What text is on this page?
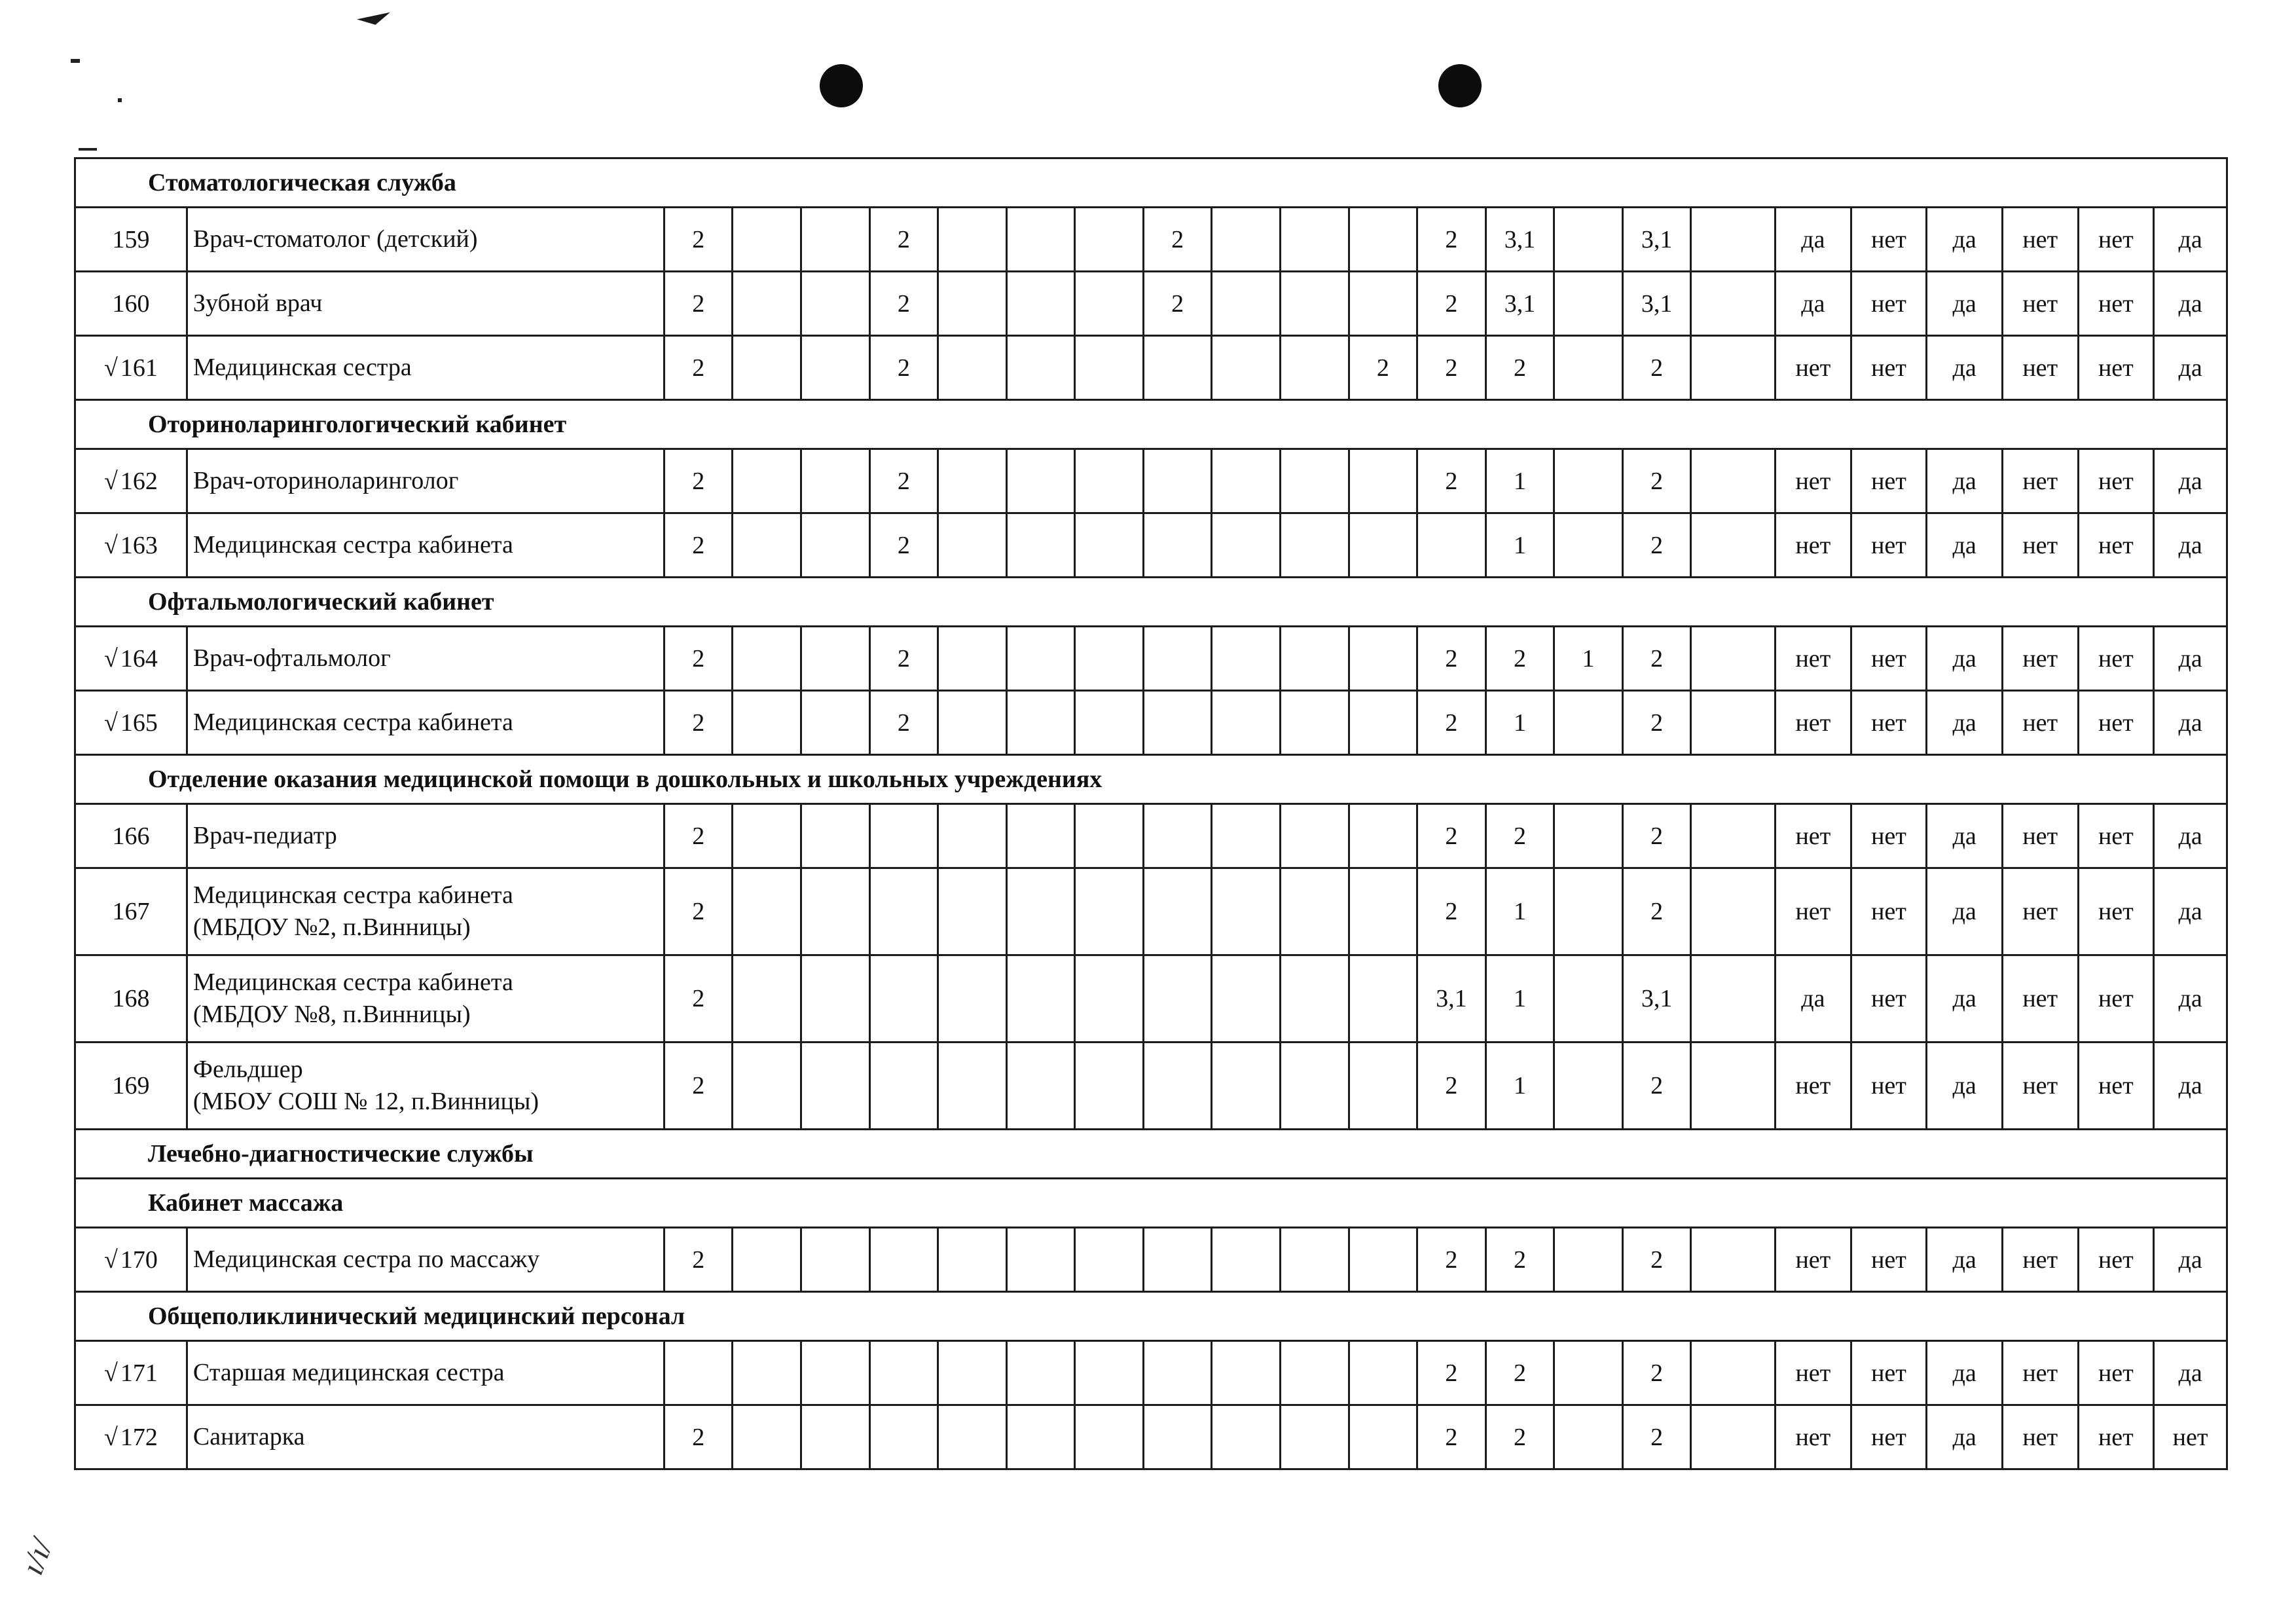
ı/ı/
Стоматологическая служба																							
159	Врач-стоматолог (детский)	2			2				2				2	3,1		3,1		да	нет	да	нет	нет	да
160	Зубной врач	2			2				2				2	3,1		3,1		да	нет	да	нет	нет	да
√ 161	Медицинская сестра	2			2							2	2	2		2		нет	нет	да	нет	нет	да
Оториноларингологический кабинет																							
√ 162	Врач-оториноларинголог	2			2								2	1		2		нет	нет	да	нет	нет	да
√ 163	Медицинская сестра кабинета	2			2									1		2		нет	нет	да	нет	нет	да
Офтальмологический кабинет																							
√ 164	Врач-офтальмолог	2			2								2	2	1	2		нет	нет	да	нет	нет	да
√ 165	Медицинская сестра кабинета	2			2								2	1		2		нет	нет	да	нет	нет	да
Отделение оказания медицинской помощи в дошкольных и школьных учреждениях																							
166	Врач-педиатр	2											2	2		2		нет	нет	да	нет	нет	да
167	Медицинская сестра кабинета
(МБДОУ №2, п.Винницы)	2											2	1		2		нет	нет	да	нет	нет	да
168	Медицинская сестра кабинета
(МБДОУ №8, п.Винницы)	2											3,1	1		3,1		да	нет	да	нет	нет	да
169	Фельдшер
(МБОУ СОШ № 12, п.Винницы)	2											2	1		2		нет	нет	да	нет	нет	да
Лечебно-диагностические службы																							
Кабинет массажа																							
√ 170	Медицинская сестра по массажу	2											2	2		2		нет	нет	да	нет	нет	да
Общеполиклинический медицинский персонал																							
√ 171	Старшая медицинская сестра												2	2		2		нет	нет	да	нет	нет	да
√ 172	Санитарка	2											2	2		2		нет	нет	да	нет	нет	нет
